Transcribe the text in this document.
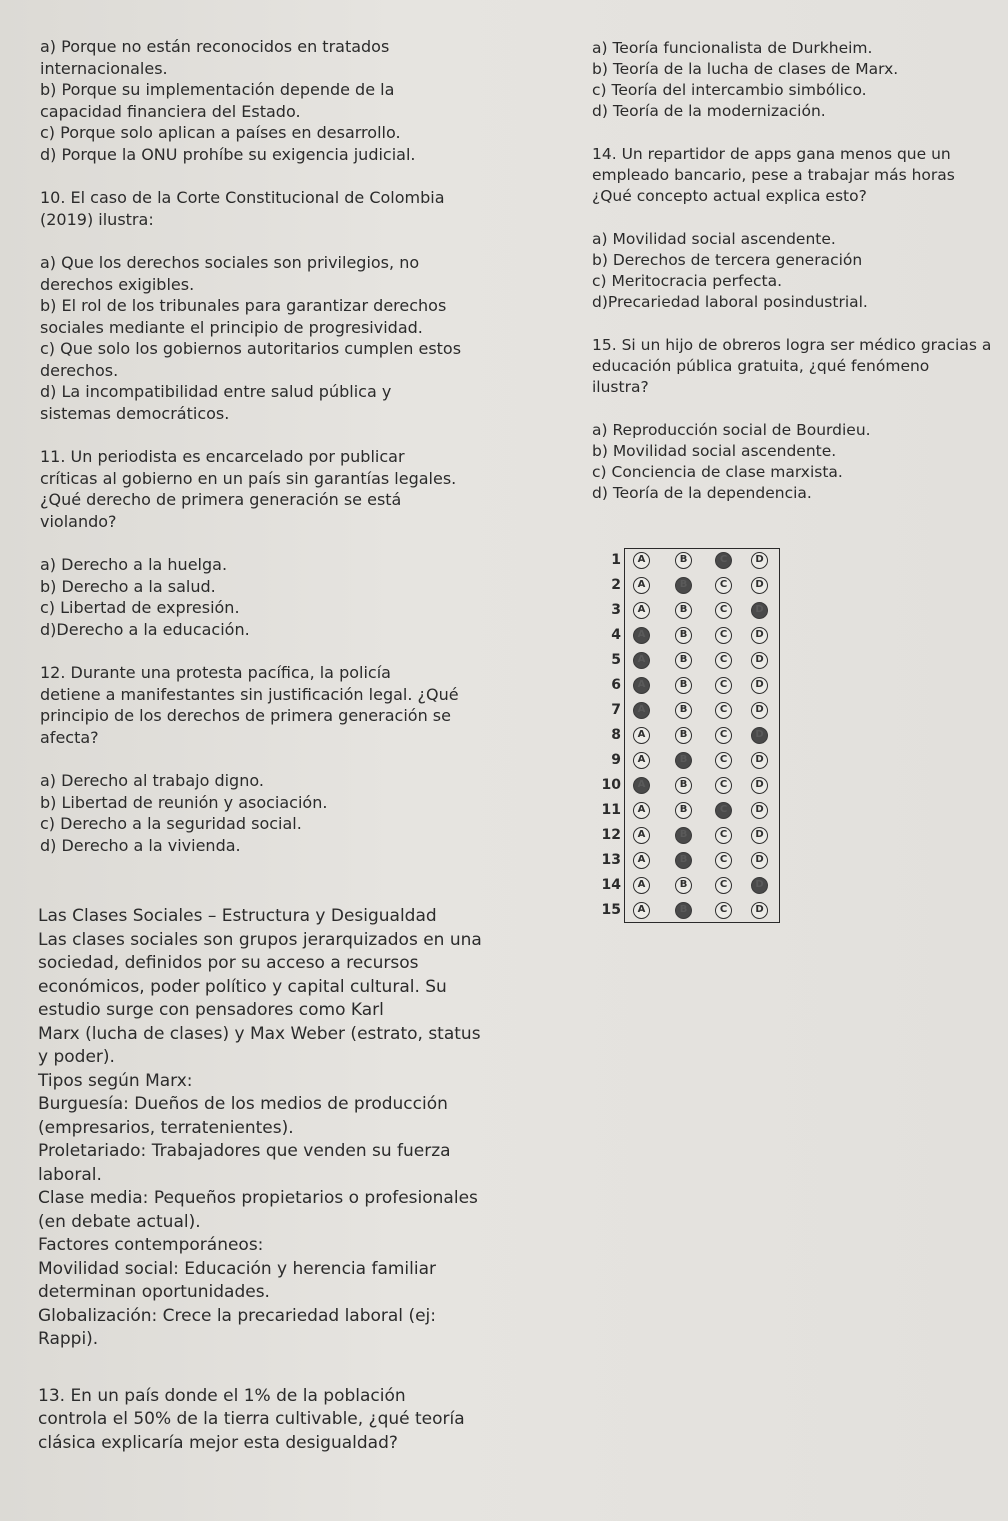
a) Porque no están reconocidos en tratados
internacionales.
b) Porque su implementación depende de la
capacidad financiera del Estado.
c) Porque solo aplican a países en desarrollo.
d) Porque la ONU prohíbe su exigencia judicial.
10. El caso de la Corte Constitucional de Colombia
(2019) ilustra:
a) Que los derechos sociales son privilegios, no
derechos exigibles.
b) El rol de los tribunales para garantizar derechos
sociales mediante el principio de progresividad.
c) Que solo los gobiernos autoritarios cumplen estos
derechos.
d) La incompatibilidad entre salud pública y
sistemas democráticos.
11. Un periodista es encarcelado por publicar
críticas al gobierno en un país sin garantías legales.
¿Qué derecho de primera generación se está
violando?
a) Derecho a la huelga.
b) Derecho a la salud.
c) Libertad de expresión.
d)Derecho a la educación.
12. Durante una protesta pacífica, la policía
detiene a manifestantes sin justificación legal. ¿Qué
principio de los derechos de primera generación se
afecta?
a) Derecho al trabajo digno.
b) Libertad de reunión y asociación.
c) Derecho a la seguridad social.
d) Derecho a la vivienda.
a) Teoría funcionalista de Durkheim.
b) Teoría de la lucha de clases de Marx.
c) Teoría del intercambio simbólico.
d) Teoría de la modernización.
14. Un repartidor de apps gana menos que un
empleado bancario, pese a trabajar más horas
¿Qué concepto actual explica esto?
a) Movilidad social ascendente.
b) Derechos de tercera generación
c) Meritocracia perfecta.
d)Precariedad laboral posindustrial.
15. Si un hijo de obreros logra ser médico gracias a
educación pública gratuita, ¿qué fenómeno
ilustra?
a) Reproducción social de Bourdieu.
b) Movilidad social ascendente.
c) Conciencia de clase marxista.
d) Teoría de la dependencia.
Las Clases Sociales – Estructura y Desigualdad
Las clases sociales son grupos jerarquizados en una
sociedad, definidos por su acceso a recursos
económicos, poder político y capital cultural. Su
estudio surge con pensadores como Karl
Marx (lucha de clases) y Max Weber (estrato, status
y poder).
Tipos según Marx:
Burguesía: Dueños de los medios de producción
(empresarios, terratenientes).
Proletariado: Trabajadores que venden su fuerza
laboral.
Clase media: Pequeños propietarios o profesionales
(en debate actual).
Factores contemporáneos:
Movilidad social: Educación y herencia familiar
determinan oportunidades.
Globalización: Crece la precariedad laboral (ej:
Rappi).
13. En un país donde el 1% de la población
controla el 50% de la tierra cultivable, ¿qué teoría
clásica explicaría mejor esta desigualdad?
1	A	B	C	D
2	A	B	C	D
3	A	B	C	D
4	A	B	C	D
5	A	B	C	D
6	A	B	C	D
7	A	B	C	D
8	A	B	C	D
9	A	B	C	D
10	A	B	C	D
11	A	B	C	D
12	A	B	C	D
13	A	B	C	D
14	A	B	C	D
15	A	B	C	D
